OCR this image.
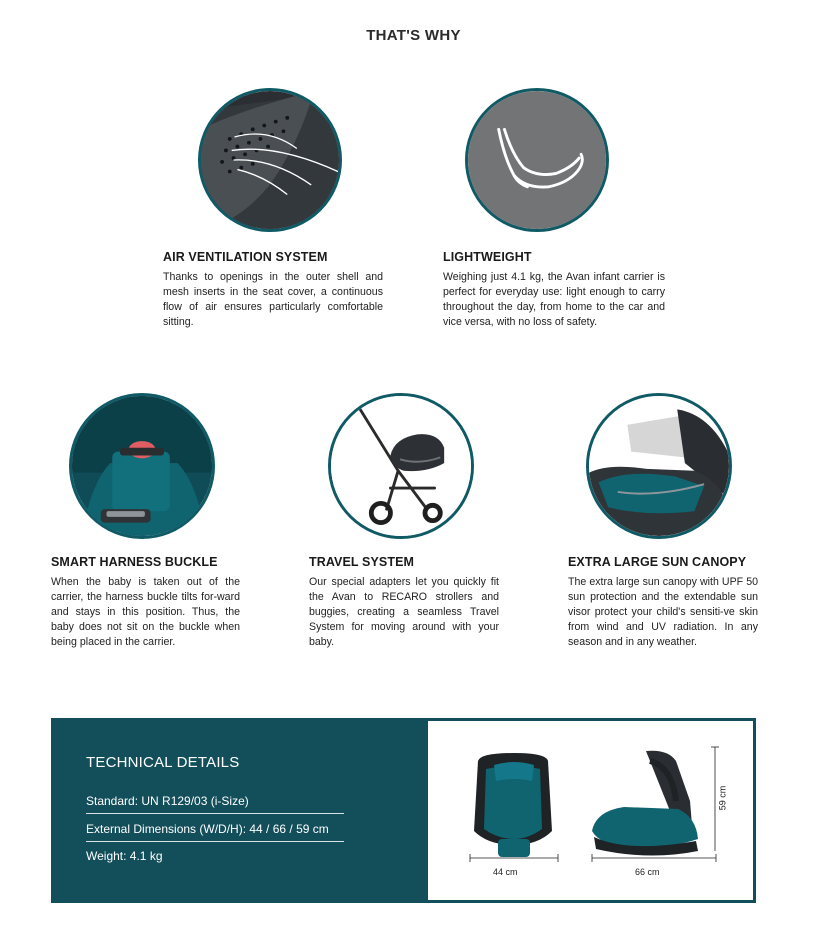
THAT'S WHY
AIR VENTILATION SYSTEM
Thanks to openings in the outer shell and mesh inserts in the seat cover, a continuous flow of air ensures particularly comfortable sitting.
LIGHTWEIGHT
Weighing just 4.1 kg, the Avan infant carrier is perfect for everyday use: light enough to carry throughout the day, from home to the car and vice versa, with no loss of safety.
SMART HARNESS BUCKLE
When the baby is taken out of the carrier, the harness buckle tilts for-ward and stays in this position. Thus, the baby does not sit on the buckle when being placed in the carrier.
TRAVEL SYSTEM
Our special adapters let you quickly fit the Avan to RECARO strollers and buggies, creating a seamless Travel System for moving around with your baby.
EXTRA LARGE SUN CANOPY
The extra large sun canopy with UPF 50 sun protection and the extendable sun visor protect your child's sensiti-ve skin from wind and UV radiation. In any season and in any weather.
TECHNICAL DETAILS
Standard: UN R129/03 (i-Size)
External Dimensions (W/D/H): 44 / 66 / 59 cm
Weight: 4.1 kg
44 cm	66 cm
59 cm
